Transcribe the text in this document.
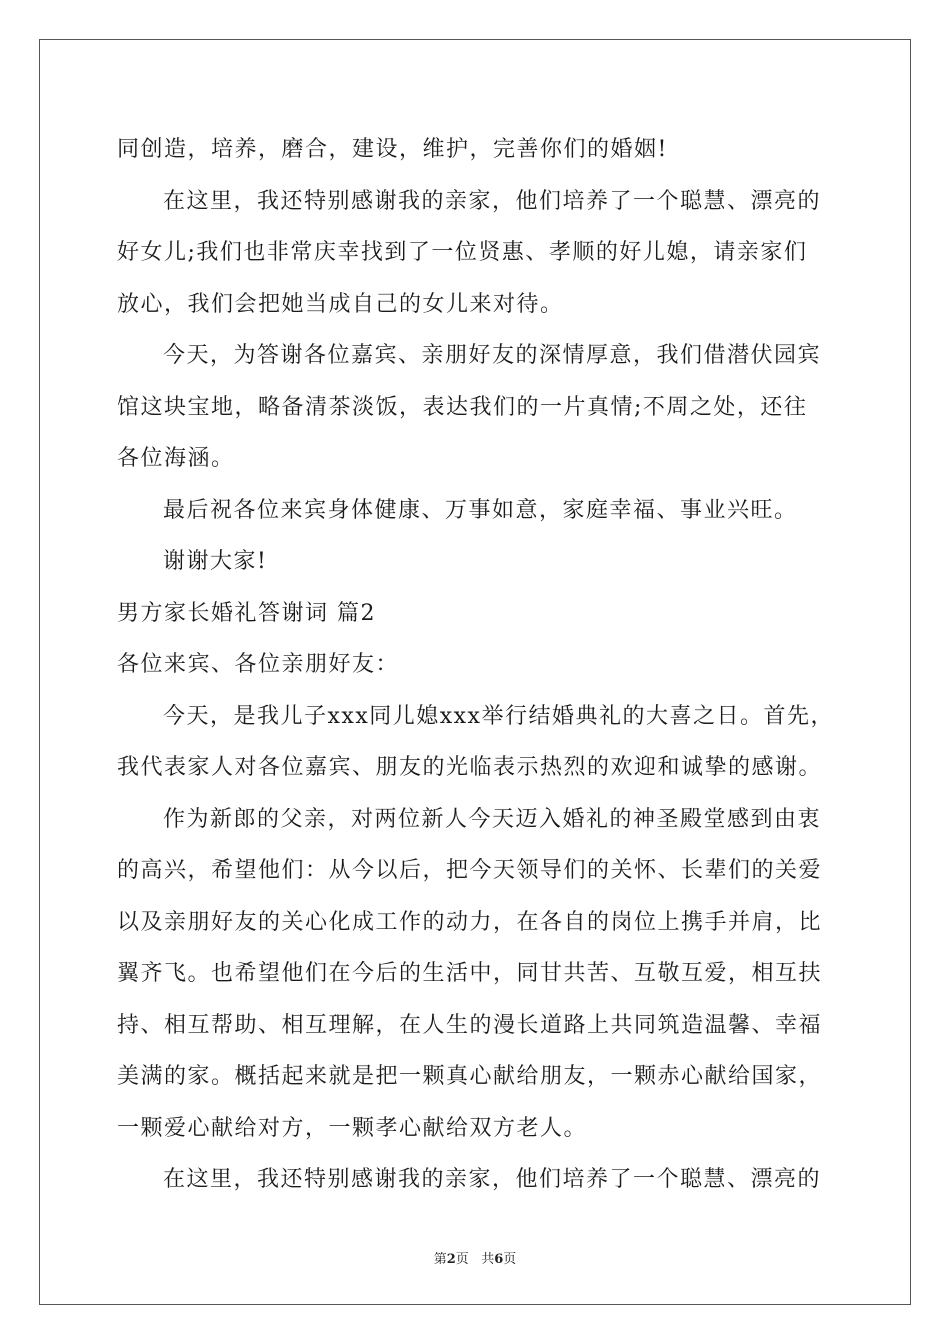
同创造，培养，磨合，建设，维护，完善你们的婚姻!
在这里，我还特别感谢我的亲家，他们培养了一个聪慧、漂亮的
好女儿;我们也非常庆幸找到了一位贤惠、孝顺的好儿媳，请亲家们
放心，我们会把她当成自己的女儿来对待。
今天，为答谢各位嘉宾、亲朋好友的深情厚意，我们借潜伏园宾
馆这块宝地，略备清茶淡饭，表达我们的一片真情;不周之处，还往
各位海涵。
最后祝各位来宾身体健康、万事如意，家庭幸福、事业兴旺。
谢谢大家!
男方家长婚礼答谢词 篇2
各位来宾、各位亲朋好友：
今天，是我儿子xxx同儿媳xxx举行结婚典礼的大喜之日。首先，
我代表家人对各位嘉宾、朋友的光临表示热烈的欢迎和诚挚的感谢。
作为新郎的父亲，对两位新人今天迈入婚礼的神圣殿堂感到由衷
的高兴，希望他们：从今以后，把今天领导们的关怀、长辈们的关爱
以及亲朋好友的关心化成工作的动力，在各自的岗位上携手并肩，比
翼齐飞。也希望他们在今后的生活中，同甘共苦、互敬互爱，相互扶
持、相互帮助、相互理解，在人生的漫长道路上共同筑造温馨、幸福
美满的家。概括起来就是把一颗真心献给朋友，一颗赤心献给国家，
一颗爱心献给对方，一颗孝心献给双方老人。
在这里，我还特别感谢我的亲家，他们培养了一个聪慧、漂亮的
第2页 共6页
